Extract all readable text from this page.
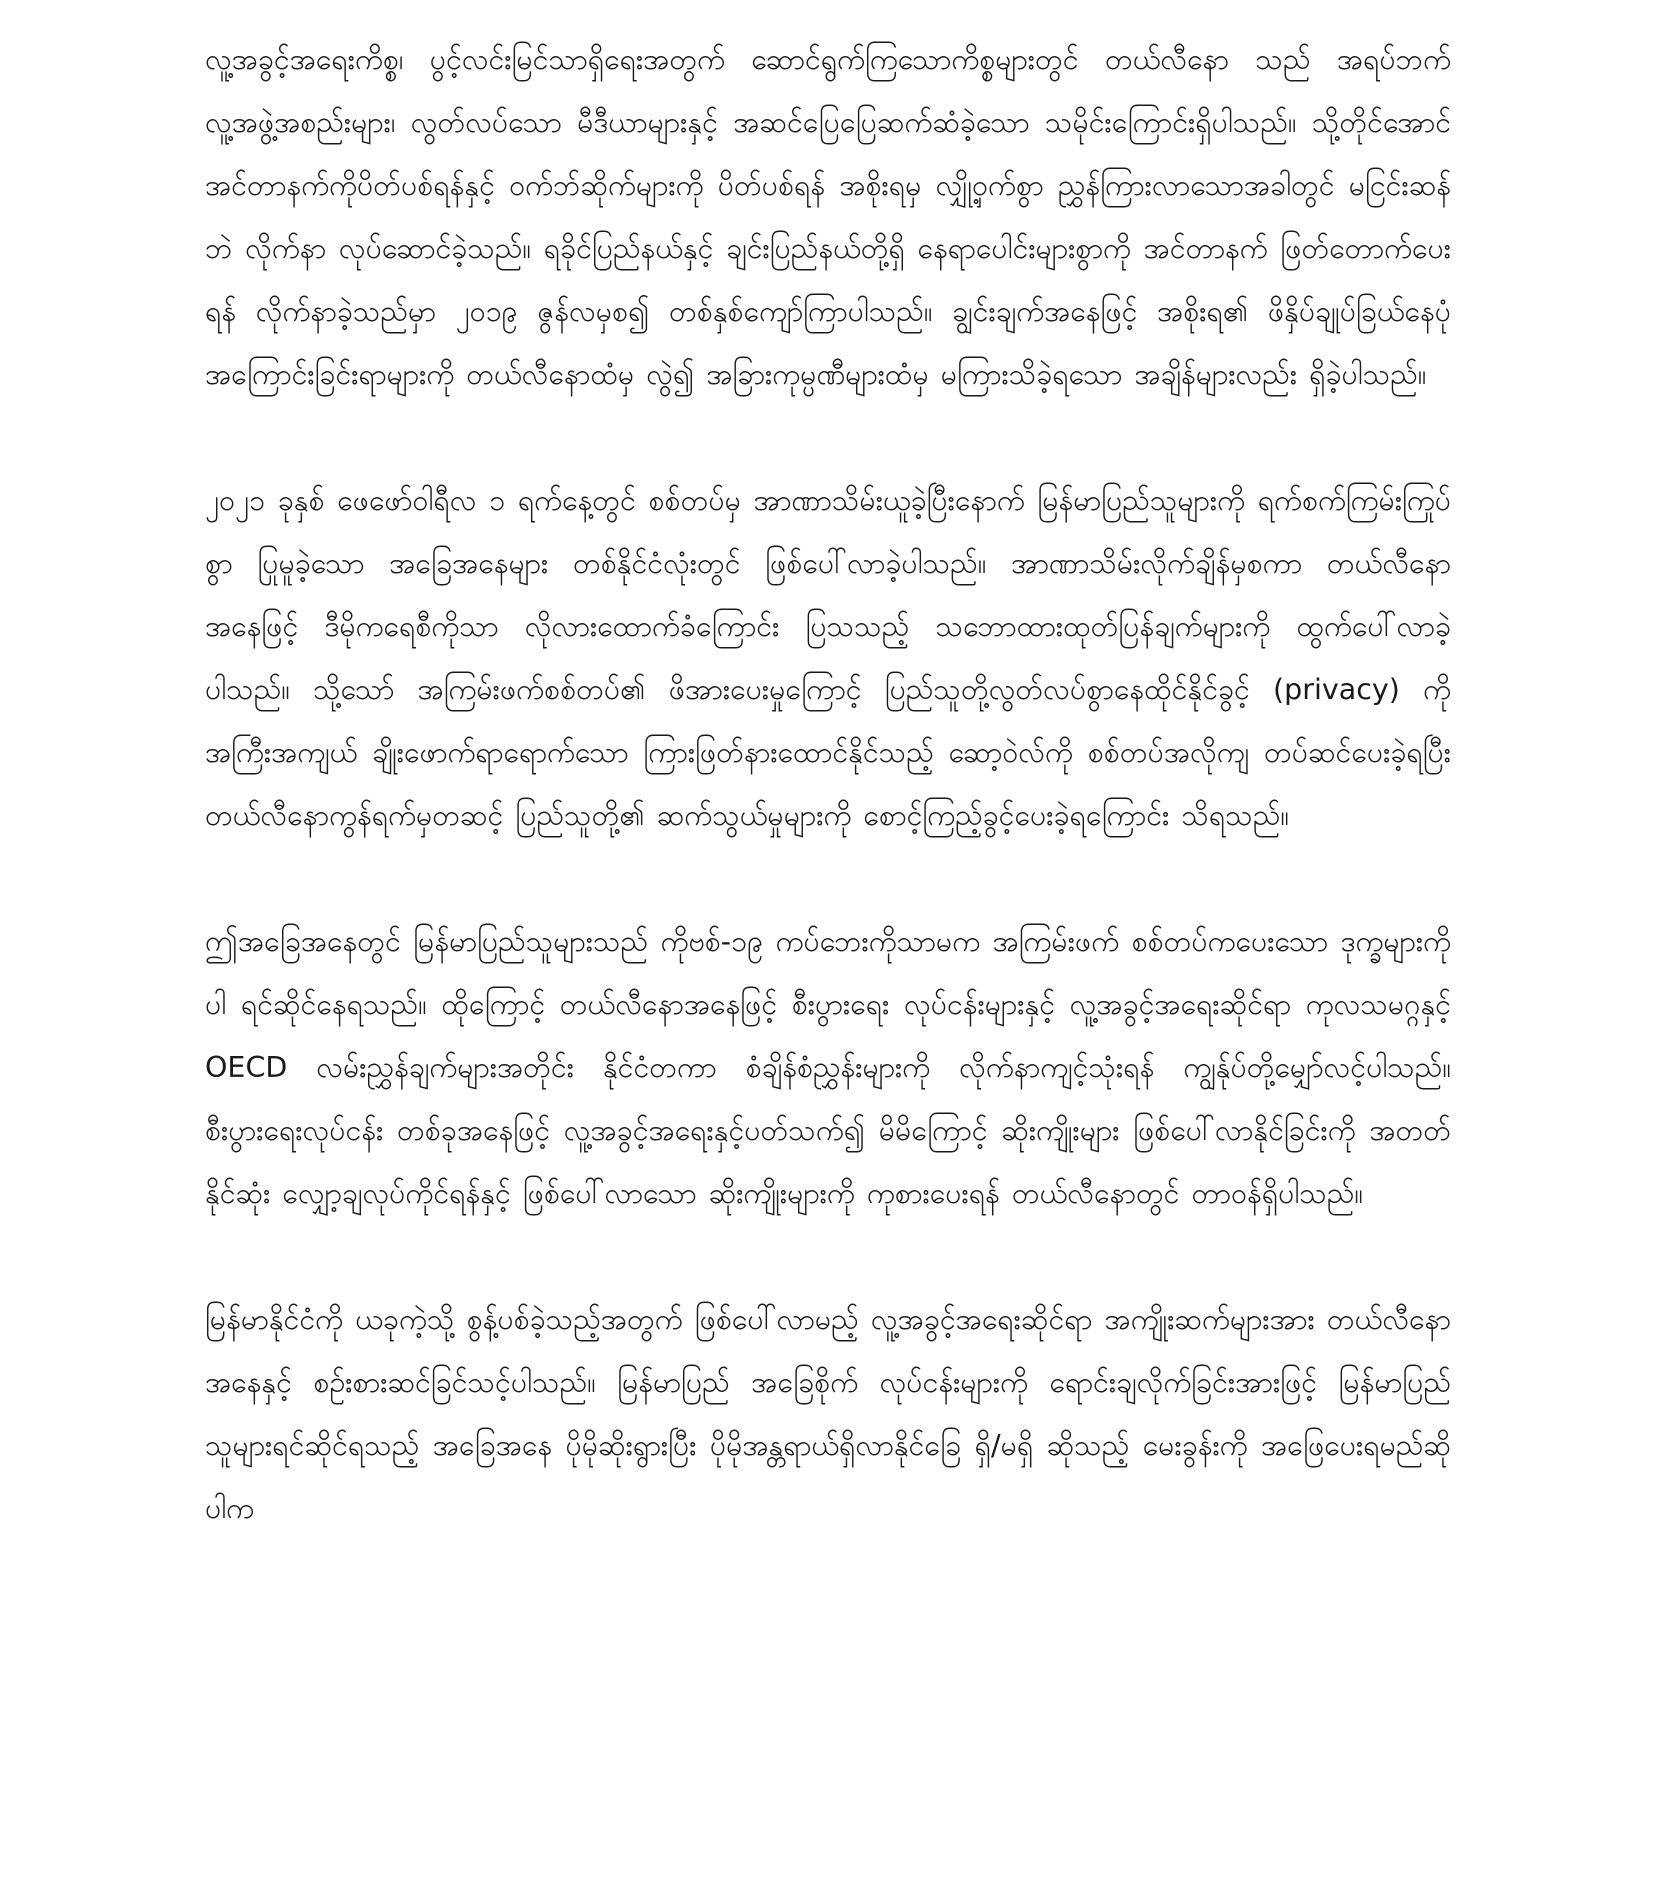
လူ့အခွင့်အရေးကိစ္စ၊ ပွင့်လင်းမြင်သာရှိရေးအတွက် ဆောင်ရွက်ကြသောကိစ္စများတွင် တယ်လီနော သည် အရပ်ဘက်လူ့အဖွဲ့အစည်းများ၊ လွတ်လပ်သော မီဒီယာများနှင့် အဆင်ပြေပြေဆက်ဆံခဲ့သော သမိုင်းကြောင်းရှိပါသည်။ သို့တိုင်အောင် အင်တာနက်ကိုပိတ်ပစ်ရန်နှင့် ဝက်ဘ်ဆိုက်များကို ပိတ်ပစ်ရန် အစိုးရမှ လျှို့ဝှက်စွာ ညွှန်ကြားလာသောအခါတွင် မငြင်းဆန်ဘဲ လိုက်နာ လုပ်ဆောင်ခဲ့သည်။ ရခိုင်ပြည်နယ်နှင့် ချင်းပြည်နယ်တို့ရှိ နေရာပေါင်းများစွာကို အင်တာနက် ဖြတ်တောက်ပေးရန် လိုက်နာခဲ့သည်မှာ ၂၀၁၉ ဇွန်လမှစ၍ တစ်နှစ်ကျော်ကြာပါသည်။ ချွင်းချက်အနေဖြင့် အစိုးရ၏ ဖိနှိပ်ချုပ်ခြယ်နေပုံ အကြောင်းခြင်းရာများကို တယ်လီနောထံမှ လွဲ၍ အခြားကုမ္ပဏီများထံမှ မကြားသိခဲ့ရသော အချိန်များလည်း ရှိခဲ့ပါသည်။

၂၀၂၁ ခုနှစ် ဖေဖော်ဝါရီလ ၁ ရက်နေ့တွင် စစ်တပ်မှ အာဏာသိမ်းယူခဲ့ပြီးနောက် မြန်မာပြည်သူများကို ရက်စက်ကြမ်းကြုပ်စွာ ပြုမူခဲ့သော အခြေအနေများ တစ်နိုင်ငံလုံးတွင် ဖြစ်ပေါ်လာခဲ့ပါသည်။ အာဏာသိမ်းလိုက်ချိန်မှစကာ တယ်လီနောအနေဖြင့် ဒီမိုကရေစီကိုသာ လိုလားထောက်ခံကြောင်း ပြသသည့် သဘောထားထုတ်ပြန်ချက်များကို ထွက်ပေါ်လာခဲ့ပါသည်။ သို့သော် အကြမ်းဖက်စစ်တပ်၏ ဖိအားပေးမှုကြောင့် ပြည်သူတို့လွတ်လပ်စွာနေထိုင်နိုင်ခွင့် (privacy) ကို အကြီးအကျယ် ချိုးဖောက်ရာရောက်သော ကြားဖြတ်နားထောင်နိုင်သည့် ဆော့ဝဲလ်ကို စစ်တပ်အလိုကျ တပ်ဆင်ပေးခဲ့ရပြီး တယ်လီနောကွန်ရက်မှတဆင့် ပြည်သူတို့၏ ဆက်သွယ်မှုများကို စောင့်ကြည့်ခွင့်ပေးခဲ့ရကြောင်း သိရသည်။

ဤအခြေအနေတွင် မြန်မာပြည်သူများသည် ကိုဗစ်-၁၉ ကပ်ဘေးကိုသာမက အကြမ်းဖက် စစ်တပ်ကပေးသော ဒုက္ခများကိုပါ ရင်ဆိုင်နေရသည်။ ထိုကြောင့် တယ်လီနောအနေဖြင့် စီးပွားရေး လုပ်ငန်းများနှင့် လူ့အခွင့်အရေးဆိုင်ရာ ကုလသမဂ္ဂနှင့် OECD လမ်းညွှန်ချက်များအတိုင်း နိုင်ငံတကာ စံချိန်စံညွှန်းများကို လိုက်နာကျင့်သုံးရန် ကျွန်ုပ်တို့မျှော်လင့်ပါသည်။ စီးပွားရေးလုပ်ငန်း တစ်ခုအနေဖြင့် လူ့အခွင့်အရေးနှင့်ပတ်သက်၍ မိမိကြောင့် ဆိုးကျိုးများ ဖြစ်ပေါ်လာနိုင်ခြင်းကို အတတ်နိုင်ဆုံး လျှော့ချလုပ်ကိုင်ရန်နှင့် ဖြစ်ပေါ်လာသော ဆိုးကျိုးများကို ကုစားပေးရန် တယ်လီနောတွင် တာဝန်ရှိပါသည်။

မြန်မာနိုင်ငံကို ယခုကဲ့သို့ စွန့်ပစ်ခဲ့သည့်အတွက် ဖြစ်ပေါ်လာမည့် လူ့အခွင့်အရေးဆိုင်ရာ အကျိုးဆက်များအား တယ်လီနောအနေနှင့် စဉ်းစားဆင်ခြင်သင့်ပါသည်။ မြန်မာပြည် အခြေစိုက် လုပ်ငန်းများကို ရောင်းချလိုက်ခြင်းအားဖြင့် မြန်မာပြည်သူများရင်ဆိုင်ရသည့် အခြေအနေ ပိုမိုဆိုးရွားပြီး ပိုမိုအန္တရာယ်ရှိလာနိုင်ခြေ ရှိ/မရှိ ဆိုသည့် မေးခွန်းကို အဖြေပေးရမည်ဆိုပါက
